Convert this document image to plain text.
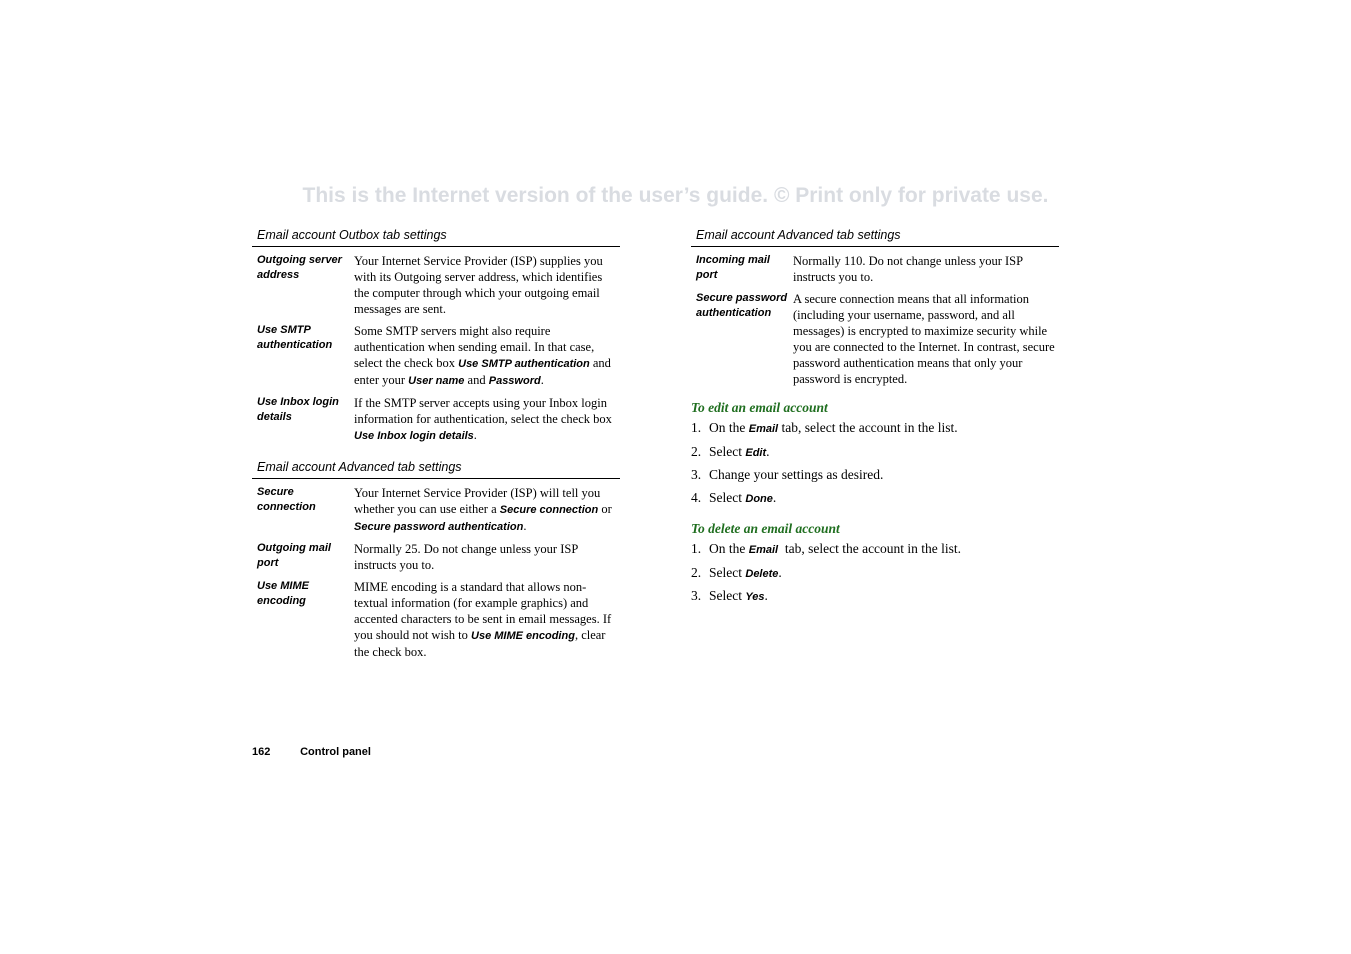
This is the Internet version of the user’s guide. © Print only for private use.
Email account Outbox tab settings
Outgoing server address
Your Internet Service Provider (ISP) supplies you with its Outgoing server address, which identifies the computer through which your outgoing email messages are sent.
Use SMTP authentication
Some SMTP servers might also require authentication when sending email. In that case, select the check box Use SMTP authentication and enter your User name and Password.
Use Inbox login details
If the SMTP server accepts using your Inbox login information for authentication, select the check box Use Inbox login details.
Email account Advanced tab settings
Secure connection
Your Internet Service Provider (ISP) will tell you whether you can use either a Secure connection or Secure password authentication.
Outgoing mail port
Normally 25. Do not change unless your ISP instructs you to.
Use MIME encoding
MIME encoding is a standard that allows non-textual information (for example graphics) and accented characters to be sent in email messages. If you should not wish to Use MIME encoding, clear the check box.
Email account Advanced tab settings
Incoming mail port
Normally 110. Do not change unless your ISP instructs you to.
Secure password authentication
A secure connection means that all information (including your username, password, and all messages) is encrypted to maximize security while you are connected to the Internet. In contrast, secure password authentication means that only your password is encrypted.
To edit an email account
1. On the Email tab, select the account in the list.
2. Select Edit.
3. Change your settings as desired.
4. Select Done.
To delete an email account
1. On the Email  tab, select the account in the list.
2. Select Delete.
3. Select Yes.
162	Control panel
